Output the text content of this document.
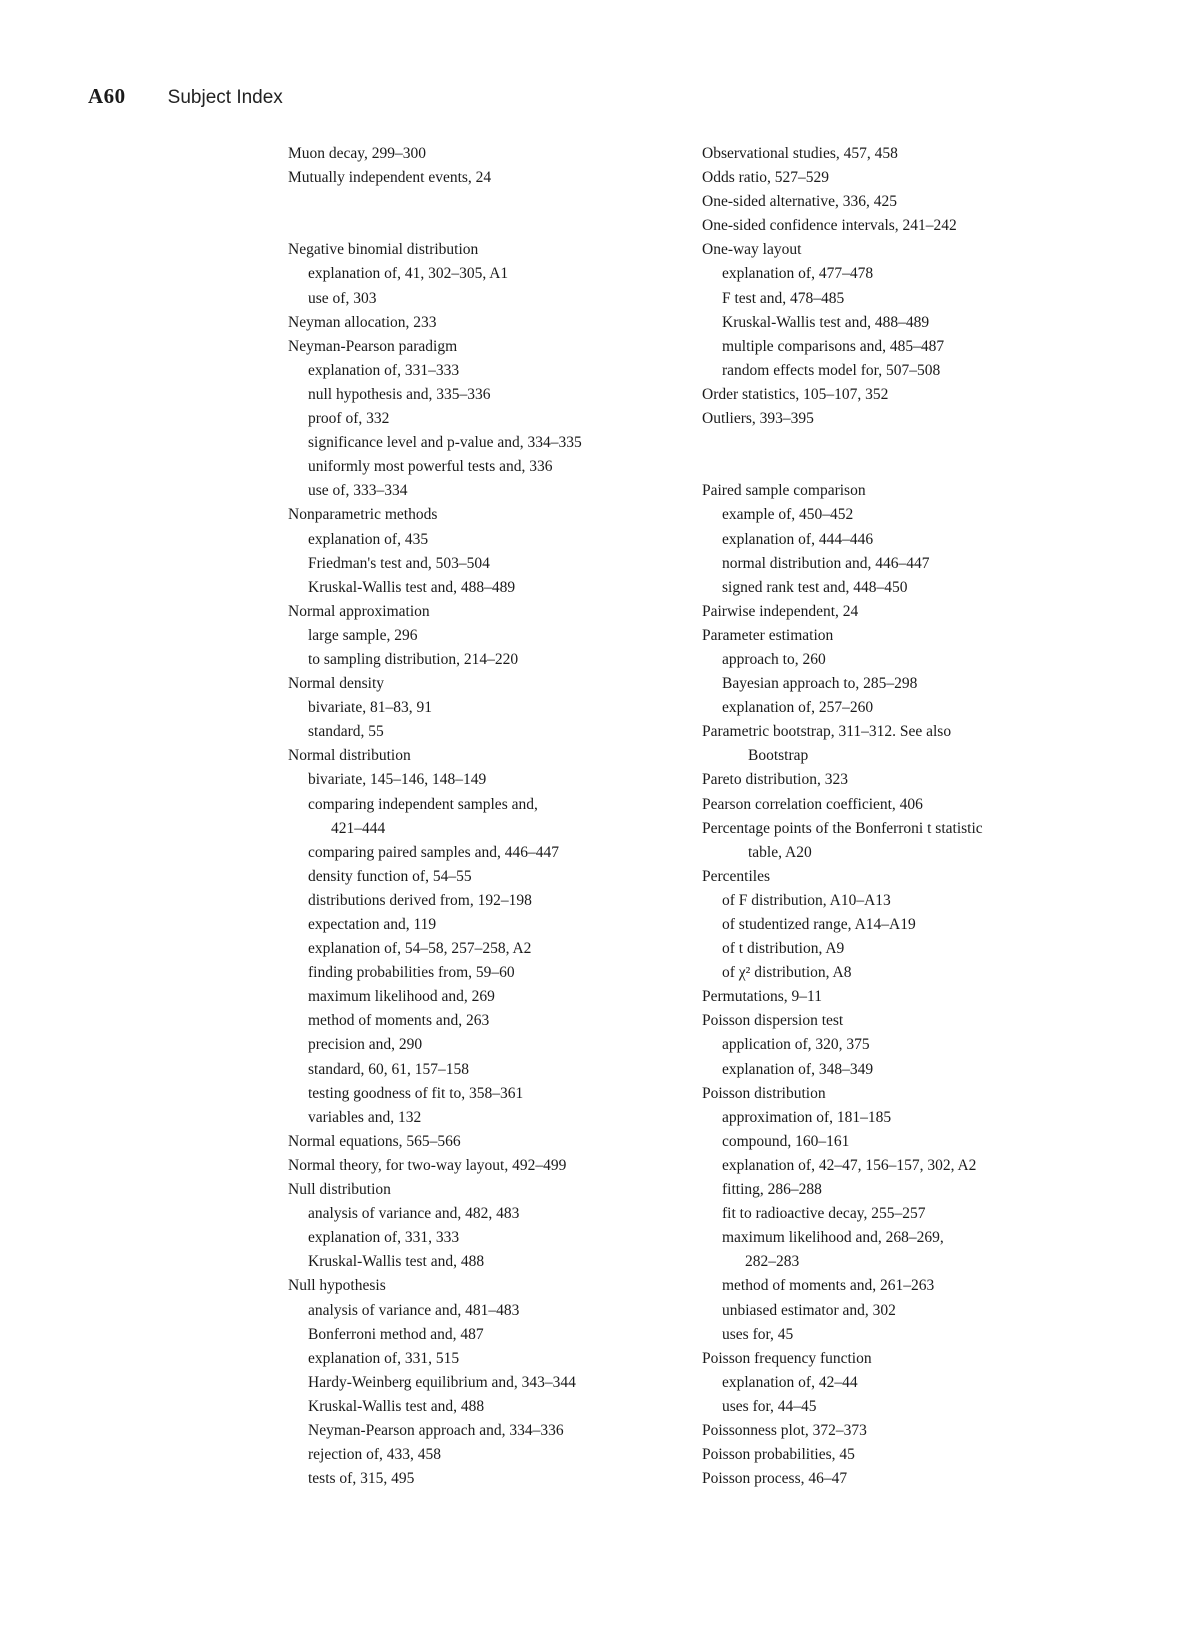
A60 Subject Index
Muon decay, 299–300
Mutually independent events, 24
Negative binomial distribution
explanation of, 41, 302–305, A1
use of, 303
Neyman allocation, 233
Neyman-Pearson paradigm
explanation of, 331–333
null hypothesis and, 335–336
proof of, 332
significance level and p-value and, 334–335
uniformly most powerful tests and, 336
use of, 333–334
Nonparametric methods
explanation of, 435
Friedman's test and, 503–504
Kruskal-Wallis test and, 488–489
Normal approximation
large sample, 296
to sampling distribution, 214–220
Normal density
bivariate, 81–83, 91
standard, 55
Normal distribution
bivariate, 145–146, 148–149
comparing independent samples and,
421–444
comparing paired samples and, 446–447
density function of, 54–55
distributions derived from, 192–198
expectation and, 119
explanation of, 54–58, 257–258, A2
finding probabilities from, 59–60
maximum likelihood and, 269
method of moments and, 263
precision and, 290
standard, 60, 61, 157–158
testing goodness of fit to, 358–361
variables and, 132
Normal equations, 565–566
Normal theory, for two-way layout, 492–499
Null distribution
analysis of variance and, 482, 483
explanation of, 331, 333
Kruskal-Wallis test and, 488
Null hypothesis
analysis of variance and, 481–483
Bonferroni method and, 487
explanation of, 331, 515
Hardy-Weinberg equilibrium and, 343–344
Kruskal-Wallis test and, 488
Neyman-Pearson approach and, 334–336
rejection of, 433, 458
tests of, 315, 495
Observational studies, 457, 458
Odds ratio, 527–529
One-sided alternative, 336, 425
One-sided confidence intervals, 241–242
One-way layout
explanation of, 477–478
F test and, 478–485
Kruskal-Wallis test and, 488–489
multiple comparisons and, 485–487
random effects model for, 507–508
Order statistics, 105–107, 352
Outliers, 393–395
Paired sample comparison
example of, 450–452
explanation of, 444–446
normal distribution and, 446–447
signed rank test and, 448–450
Pairwise independent, 24
Parameter estimation
approach to, 260
Bayesian approach to, 285–298
explanation of, 257–260
Parametric bootstrap, 311–312. See also
Bootstrap
Pareto distribution, 323
Pearson correlation coefficient, 406
Percentage points of the Bonferroni t statistic
table, A20
Percentiles
of F distribution, A10–A13
of studentized range, A14–A19
of t distribution, A9
of χ² distribution, A8
Permutations, 9–11
Poisson dispersion test
application of, 320, 375
explanation of, 348–349
Poisson distribution
approximation of, 181–185
compound, 160–161
explanation of, 42–47, 156–157, 302, A2
fitting, 286–288
fit to radioactive decay, 255–257
maximum likelihood and, 268–269,
282–283
method of moments and, 261–263
unbiased estimator and, 302
uses for, 45
Poisson frequency function
explanation of, 42–44
uses for, 44–45
Poissonness plot, 372–373
Poisson probabilities, 45
Poisson process, 46–47
